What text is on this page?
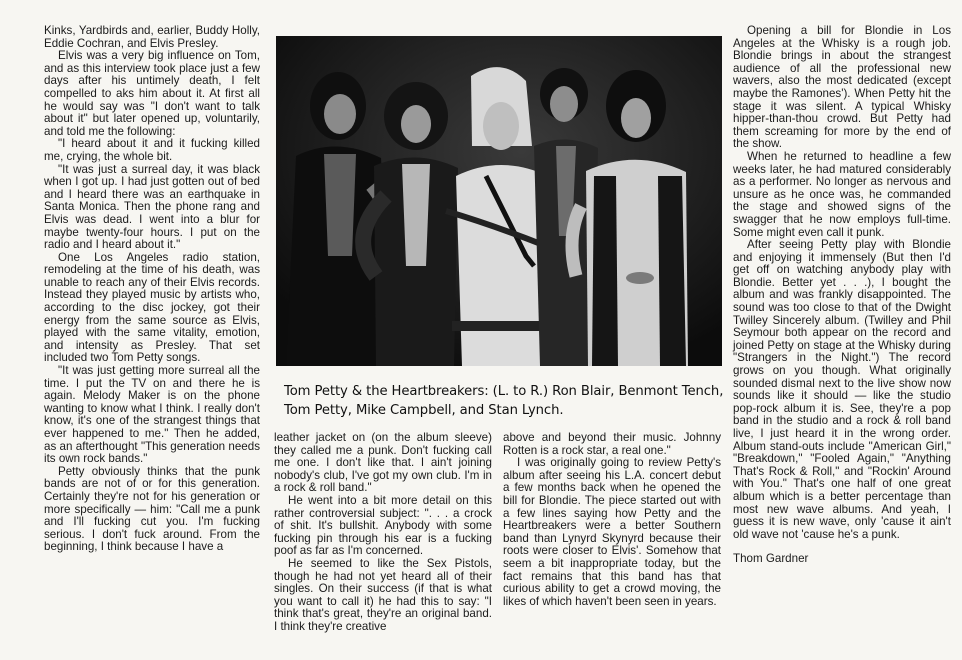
Kinks, Yardbirds and, earlier, Buddy Holly, Eddie Cochran, and Elvis Presley.

Elvis was a very big influence on Tom, and as this interview took place just a few days after his untimely death, I felt compelled to aks him about it. At first all he would say was "I don't want to talk about it" but later opened up, voluntarily, and told me the following:

"I heard about it and it fucking killed me, crying, the whole bit.

"It was just a surreal day, it was black when I got up. I had just gotten out of bed and I heard there was an earthquake in Santa Monica. Then the phone rang and Elvis was dead. I went into a blur for maybe twenty-four hours. I put on the radio and I heard about it."

One Los Angeles radio station, remodeling at the time of his death, was unable to reach any of their Elvis records. Instead they played music by artists who, according to the disc jockey, got their energy from the same source as Elvis, played with the same vitality, emotion, and intensity as Presley. That set included two Tom Petty songs.

"It was just getting more surreal all the time. I put the TV on and there he is again. Melody Maker is on the phone wanting to know what I think. I really don't know, it's one of the strangest things that ever happened to me." Then he added, as an afterthought "This generation needs its own rock bands."

Petty obviously thinks that the punk bands are not of or for this generation. Certainly they're not for his generation or more specifically — him: "Call me a punk and I'll fucking cut you. I'm fucking serious. I don't fuck around. From the beginning, I think because I have a

Tom Petty & the Heartbreakers: (L. to R.) Ron Blair, Benmont Tench, Tom Petty, Mike Campbell, and Stan Lynch.

leather jacket on (on the album sleeve) they called me a punk. Don't fucking call me one. I don't like that. I ain't joining nobody's club, I've got my own club. I'm in a rock & roll band."

He went into a bit more detail on this rather controversial subject: ". . . a crock of shit. It's bullshit. Anybody with some fucking pin through his ear is a fucking poof as far as I'm concerned.

He seemed to like the Sex Pistols, though he had not yet heard all of their singles. On their success (if that is what you want to call it) he had this to say: "I think that's great, they're an original band. I think they're creative

above and beyond their music. Johnny Rotten is a rock star, a real one."

I was originally going to review Petty's album after seeing his L.A. concert debut a few months back when he opened the bill for Blondie. The piece started out with a few lines saying how Petty and the Heartbreakers were a better Southern band than Lynyrd Skynyrd because their roots were closer to Elvis'. Somehow that seem a bit inappropriate today, but the fact remains that this band has that curious ability to get a crowd moving, the likes of which haven't been seen in years.

Opening a bill for Blondie in Los Angeles at the Whisky is a rough job. Blondie brings in about the strangest audience of all the professional new wavers, also the most dedicated (except maybe the Ramones'). When Petty hit the stage it was silent. A typical Whisky hipper-than-thou crowd. But Petty had them screaming for more by the end of the show.

When he returned to headline a few weeks later, he had matured considerably as a performer. No longer as nervous and unsure as he once was, he commanded the stage and showed signs of the swagger that he now employs full-time. Some might even call it punk.

After seeing Petty play with Blondie and enjoying it immensely (But then I'd get off on watching anybody play with Blondie. Better yet . . .), I bought the album and was frankly disappointed. The sound was too close to that of the Dwight Twilley Sincerely album. (Twilley and Phil Seymour both appear on the record and joined Petty on stage at the Whisky during "Strangers in the Night.") The record grows on you though. What originally sounded dismal next to the live show now sounds like it should — like the studio pop-rock album it is. See, they're a pop band in the studio and a rock & roll band live, I just heard it in the wrong order. Album stand-outs include "American Girl," "Breakdown," "Fooled Again," "Anything That's Rock & Roll," and "Rockin' Around with You." That's one half of one great album which is a better percentage than most new wave albums. And yeah, I guess it is new wave, only 'cause it ain't old wave not 'cause he's a punk.

Thom Gardner
